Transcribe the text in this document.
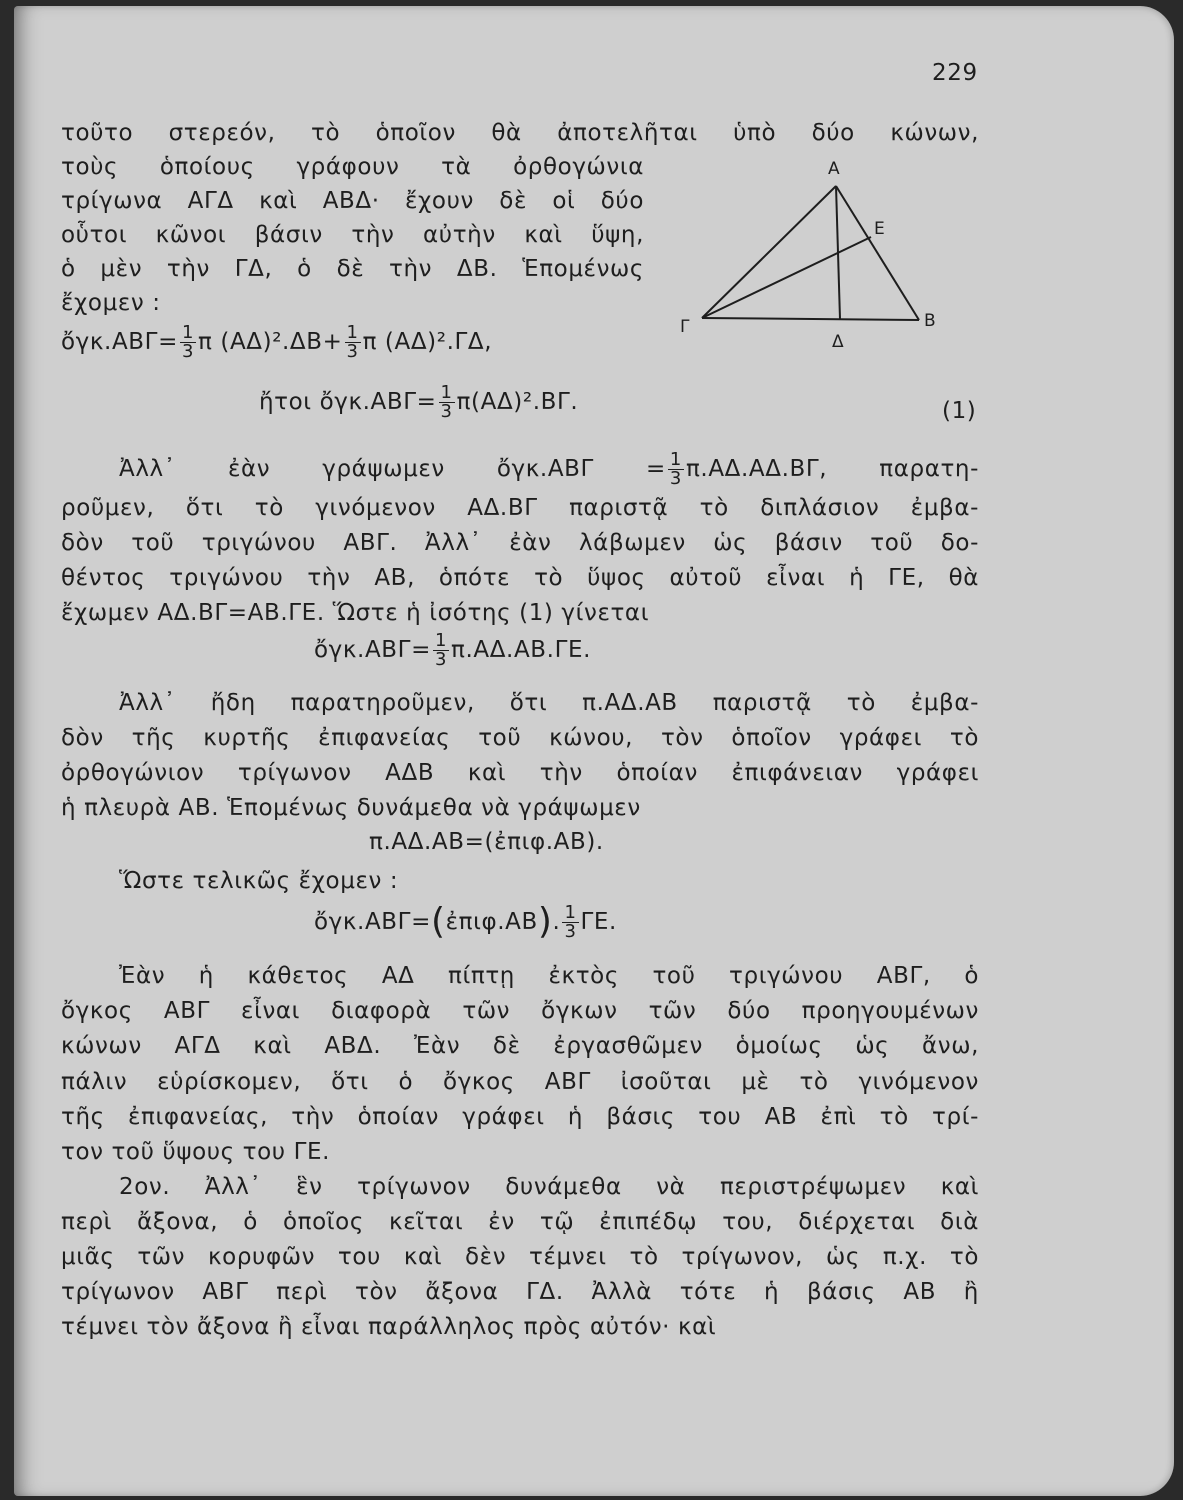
229

τοῦτο στερεόν, τὸ ὁποῖον θὰ ἀποτελῆται ὑπὸ δύο κώνων,

τοὺς ὁποίους γράφουν τὰ ὀρθογώνια

τρίγωνα ΑΓΔ καὶ ΑΒΔ· ἔχουν δὲ οἱ δύο

οὗτοι κῶνοι βάσιν τὴν αὐτὴν καὶ ὕψη,

ὁ μὲν τὴν ΓΔ, ὁ δὲ τὴν ΔΒ. Ἑπομένως

ἔχομεν :

A
E
Γ	B
Δ

ὄγκ.ΑΒΓ= $\frac{1}{3}$ π $(A\Delta)^2.\Delta B+ \frac{1}{3}$ π (ΑΔ)².ΓΔ,

ἤτοι ὄγκ.ΑΒΓ= $\frac{1}{3} \pi(A\Delta)^2.B\Gamma$.	(1)

Ἀλλ᾿ ἐὰν γράψωμεν ὄγκ.ΑΒΓ = $\frac{1}{3} \pi.A\Delta.A\Delta.B\Gamma$, παρατη-

ροῦμεν, ὅτι τὸ γινόμενον ΑΔ.ΒΓ παριστᾷ τὸ διπλάσιον ἐμβα-

δὸν τοῦ τριγώνου ΑΒΓ. Ἀλλ᾿ ἐὰν λάβωμεν ὡς βάσιν τοῦ δο-

θέντος τριγώνου τὴν ΑΒ, ὁπότε τὸ ὕψος αὐτοῦ εἶναι ἡ ΓΕ, θὰ

ἔχωμεν ΑΔ.ΒΓ=ΑΒ.ΓΕ. Ὥστε ἡ ἰσότης (1) γίνεται

ὄγκ.ΑΒΓ= $\frac{1}{3} \pi.A\Delta.AB.\Gamma E$.

Ἀλλ᾿ ἤδη παρατηροῦμεν, ὅτι π.ΑΔ.ΑΒ παριστᾷ τὸ ἐμβα-

δὸν τῆς κυρτῆς ἐπιφανείας τοῦ κώνου, τὸν ὁποῖον γράφει τὸ

ὀρθογώνιον τρίγωνον ΑΔΒ καὶ τὴν ὁποίαν ἐπιφάνειαν γράφει

ἡ πλευρὰ ΑΒ. Ἑπομένως δυνάμεθα νὰ γράψωμεν

π.ΑΔ.ΑΒ=(ἐπιφ.ΑΒ).

Ὥστε τελικῶς ἔχομεν :

ὄγκ.ΑΒΓ=(ἐπιφ.ΑΒ). $\frac{1}{3} \Gamma E$.

Ἐὰν ἡ κάθετος ΑΔ πίπτῃ ἐκτὸς τοῦ τριγώνου ΑΒΓ, ὁ

ὄγκος ΑΒΓ εἶναι διαφορὰ τῶν ὄγκων τῶν δύο προηγουμένων

κώνων ΑΓΔ καὶ ΑΒΔ. Ἐὰν δὲ ἐργασθῶμεν ὁμοίως ὡς ἄνω,

πάλιν εὑρίσκομεν, ὅτι ὁ ὄγκος ΑΒΓ ἰσοῦται μὲ τὸ γινόμενον

τῆς ἐπιφανείας, τὴν ὁποίαν γράφει ἡ βάσις του ΑΒ ἐπὶ τὸ τρί-

τον τοῦ ὕψους του ΓΕ.

2ον. Ἀλλ᾿ ἓν τρίγωνον δυνάμεθα νὰ περιστρέψωμεν καὶ

περὶ ἄξονα, ὁ ὁποῖος κεῖται ἐν τῷ ἐπιπέδῳ του, διέρχεται διὰ

μιᾶς τῶν κορυφῶν του καὶ δὲν τέμνει τὸ τρίγωνον, ὡς π.χ. τὸ

τρίγωνον ΑΒΓ περὶ τὸν ἄξονα ΓΔ. Ἀλλὰ τότε ἡ βάσις ΑΒ ἢ

τέμνει τὸν ἄξονα ἢ εἶναι παράλληλος πρὸς αὐτόν· καὶ
